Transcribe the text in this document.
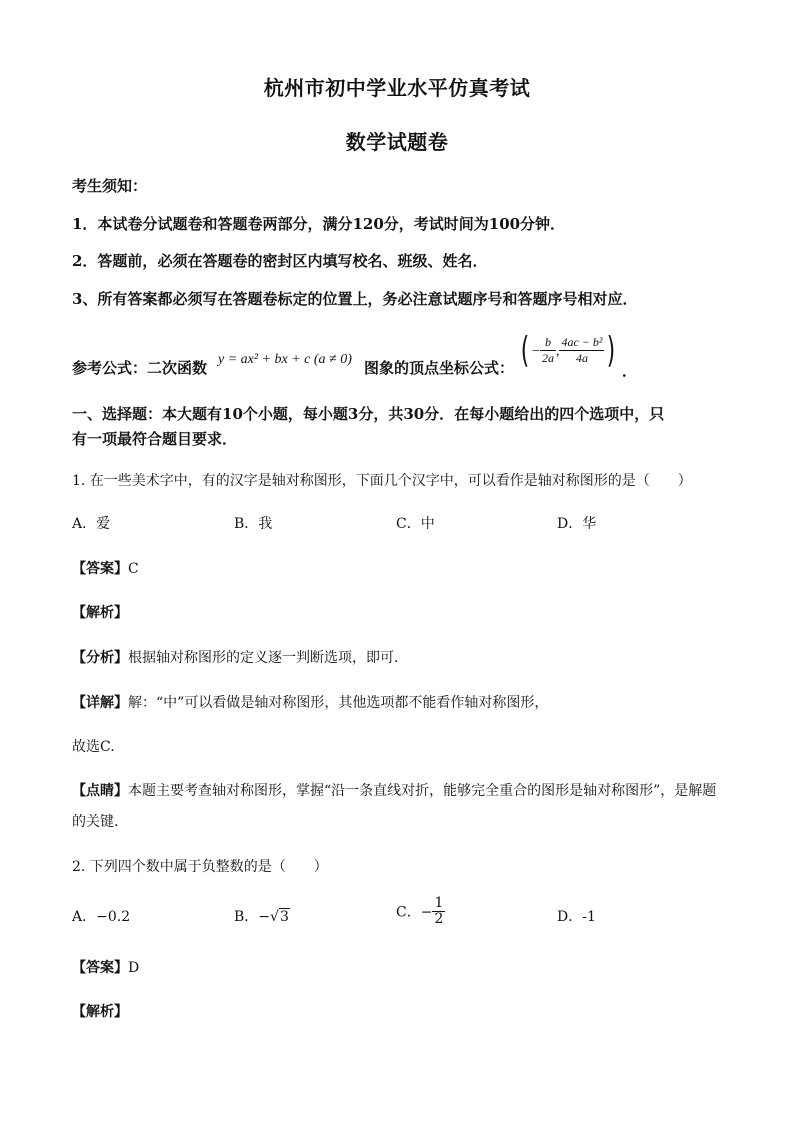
杭州市初中学业水平仿真考试
数学试题卷
考生须知：
1．本试卷分试题卷和答题卷两部分，满分120分，考试时间为100分钟．
2．答题前，必须在答题卷的密封区内填写校名、班级、姓名．
3、所有答案都必须写在答题卷标定的位置上，务必注意试题序号和答题序号相对应．
参考公式：二次函数 y = ax² + bx + c (a ≠ 0) 图象的顶点坐标公式： ( − $\frac{b}{2a}$ , $\frac{\text{4ac − b²}}{4a}$ ) ．
一、选择题：本大题有10个小题，每小题3分，共30分．在每小题给出的四个选项中，只
有一项最符合题目要求．
1. 在一些美术字中，有的汉字是轴对称图形，下面几个汉字中，可以看作是轴对称图形的是（　　）
A．爱	B．我	C．中	D．华
【答案】C
【解析】
【分析】根据轴对称图形的定义逐一判断选项，即可.
【详解】解：“中”可以看做是轴对称图形，其他选项都不能看作轴对称图形，
故选C.
【点睛】本题主要考查轴对称图形，掌握“沿一条直线对折，能够完全重合的图形是轴对称图形”，是解题
的关键.
2. 下列四个数中属于负整数的是（　　）
A．−0.2	B．−√3	C．− $\frac{1}{2}$	D．-1
【答案】D
【解析】
